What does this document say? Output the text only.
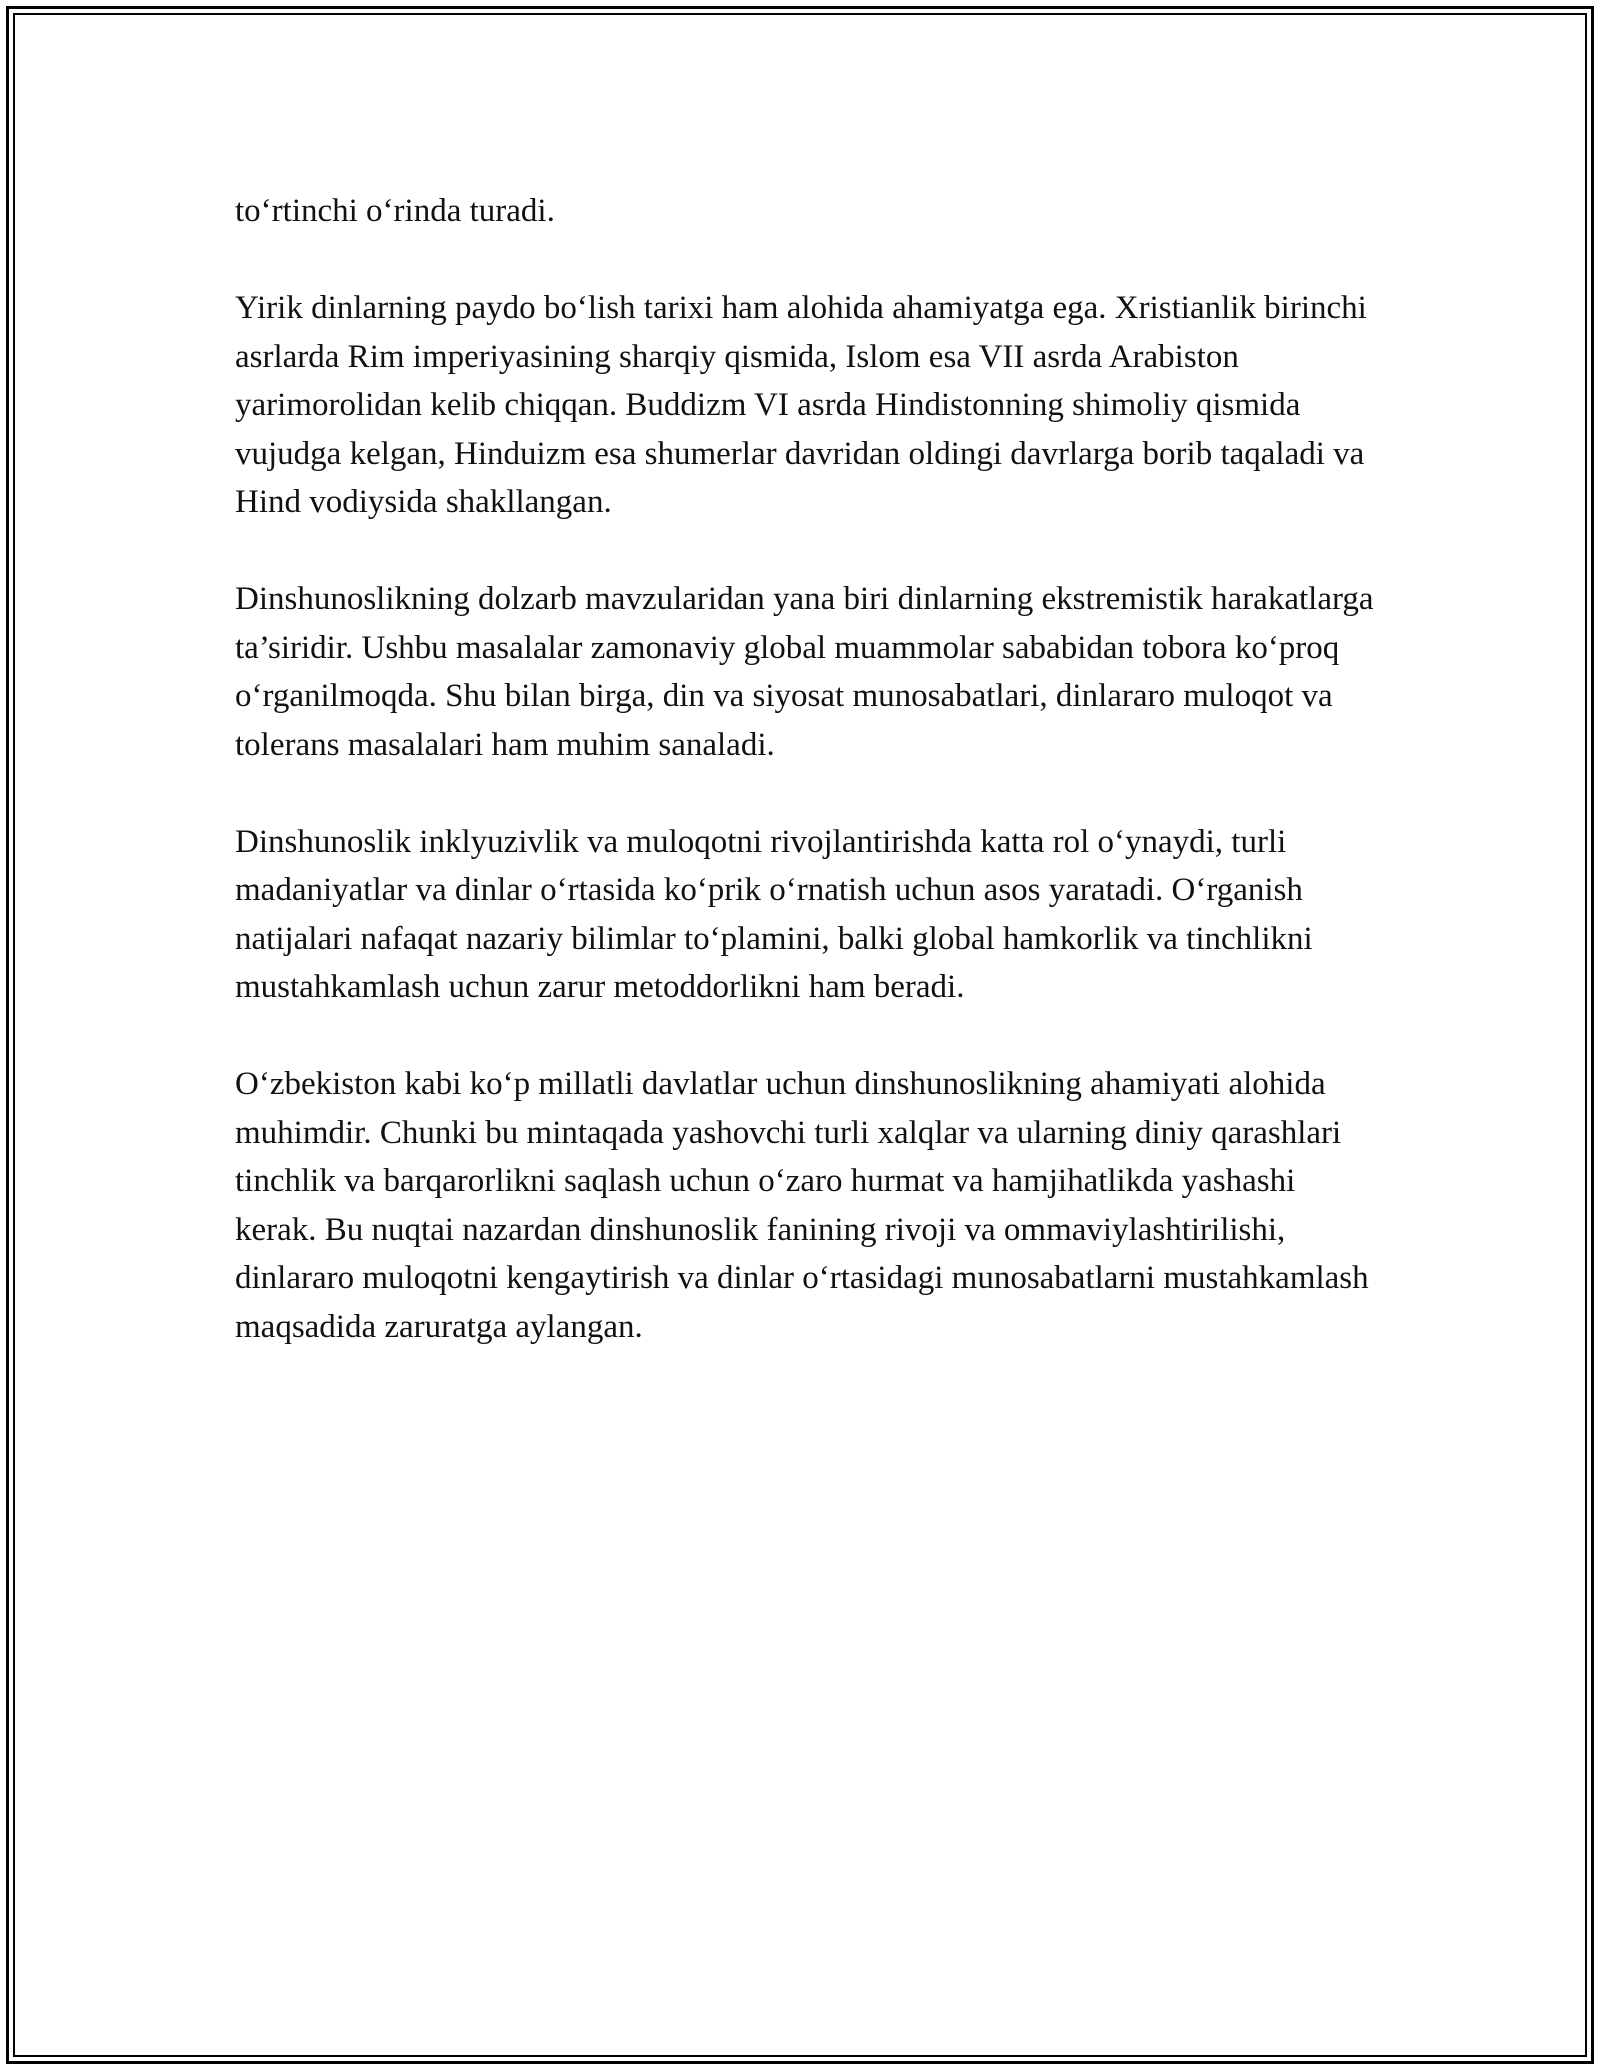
to‘rtinchi o‘rinda turadi.

Yirik dinlarning paydo bo‘lish tarixi ham alohida ahamiyatga ega. Xristianlik birinchi asrlarda Rim imperiyasining sharqiy qismida, Islom esa VII asrda Arabiston yarimorolidan kelib chiqqan. Buddizm VI asrda Hindistonning shimoliy qismida vujudga kelgan, Hinduizm esa shumerlar davridan oldingi davrlarga borib taqaladi va Hind vodiysida shakllangan.

Dinshunoslikning dolzarb mavzularidan yana biri dinlarning ekstremistik harakatlarga ta’siridir. Ushbu masalalar zamonaviy global muammolar sababidan tobora ko‘proq o‘rganilmoqda. Shu bilan birga, din va siyosat munosabatlari, dinlararo muloqot va tolerans masalalari ham muhim sanaladi.

Dinshunoslik inklyuzivlik va muloqotni rivojlantirishda katta rol o‘ynaydi, turli madaniyatlar va dinlar o‘rtasida ko‘prik o‘rnatish uchun asos yaratadi. O‘rganish natijalari nafaqat nazariy bilimlar to‘plamini, balki global hamkorlik va tinchlikni mustahkamlash uchun zarur metoddorlikni ham beradi.

O‘zbekiston kabi ko‘p millatli davlatlar uchun dinshunoslikning ahamiyati alohida muhimdir. Chunki bu mintaqada yashovchi turli xalqlar va ularning diniy qarashlari tinchlik va barqarorlikni saqlash uchun o‘zaro hurmat va hamjihatlikda yashashi kerak. Bu nuqtai nazardan dinshunoslik fanining rivoji va ommaviylashtirilishi, dinlararo muloqotni kengaytirish va dinlar o‘rtasidagi munosabatlarni mustahkamlash maqsadida zaruratga aylangan.
